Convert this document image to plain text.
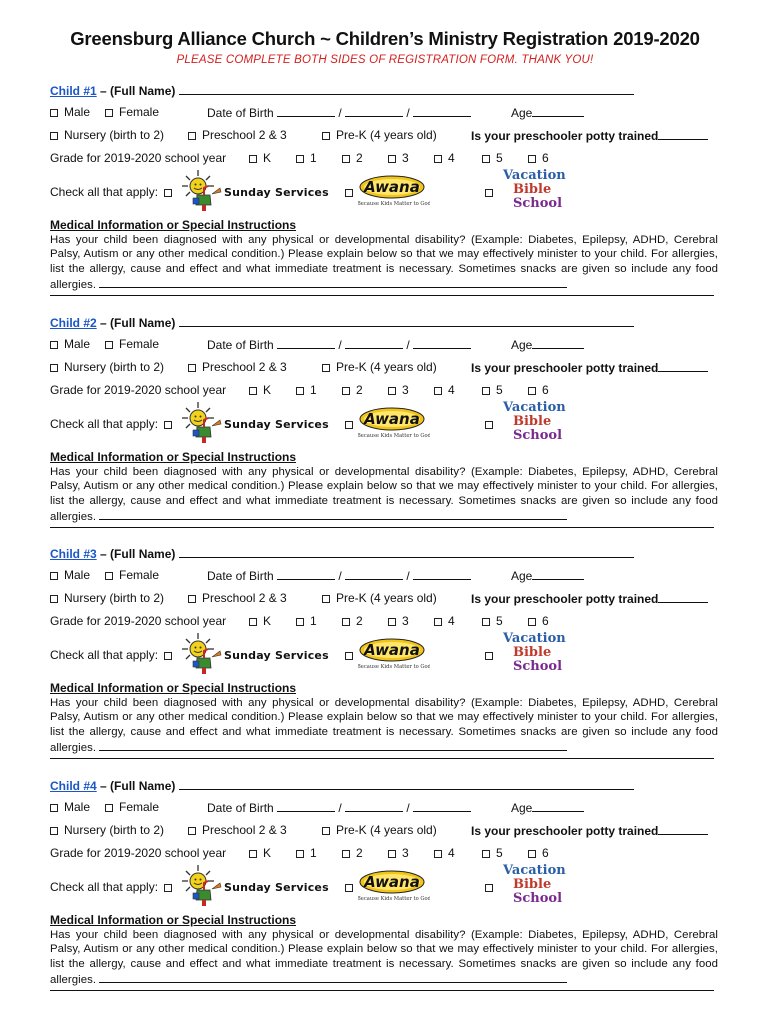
Greensburg Alliance Church ~ Children’s Ministry Registration 2019-2020
PLEASE COMPLETE BOTH SIDES OF REGISTRATION FORM. THANK YOU!
Child #1 – (Full Name)
Male	Female	Date of Birth	/	/	Age
Nursery (birth to 2)	Preschool 2 & 3	Pre-K (4 years old)	Is your preschooler potty trained
Grade for 2019-2020 school year	K	1	2	3	4	5	6
Check all that apply:	Sunday Services Awana
Because Kids Matter to God
Vacation
Bible
School
Medical Information or Special Instructions
Has your child been diagnosed with any physical or developmental disability? (Example: Diabetes, Epilepsy, ADHD, Cerebral Palsy, Autism or any other medical condition.) Please explain below so that we may effectively minister to your child. For allergies, list the allergy, cause and effect and what immediate treatment is necessary. Sometimes snacks are given so include any food allergies.
Child #2 – (Full Name)
Male	Female	Date of Birth	/	/	Age
Nursery (birth to 2)	Preschool 2 & 3	Pre-K (4 years old)	Is your preschooler potty trained
Grade for 2019-2020 school year	K	1	2	3	4	5	6
Check all that apply:	Sunday Services Awana
Because Kids Matter to God
Vacation
Bible
School
Medical Information or Special Instructions
Has your child been diagnosed with any physical or developmental disability? (Example: Diabetes, Epilepsy, ADHD, Cerebral Palsy, Autism or any other medical condition.) Please explain below so that we may effectively minister to your child. For allergies, list the allergy, cause and effect and what immediate treatment is necessary. Sometimes snacks are given so include any food allergies.
Child #3 – (Full Name)
Male	Female	Date of Birth	/	/	Age
Nursery (birth to 2)	Preschool 2 & 3	Pre-K (4 years old)	Is your preschooler potty trained
Grade for 2019-2020 school year	K	1	2	3	4	5	6
Check all that apply:	Sunday Services Awana
Because Kids Matter to God
Vacation
Bible
School
Medical Information or Special Instructions
Has your child been diagnosed with any physical or developmental disability? (Example: Diabetes, Epilepsy, ADHD, Cerebral Palsy, Autism or any other medical condition.) Please explain below so that we may effectively minister to your child. For allergies, list the allergy, cause and effect and what immediate treatment is necessary. Sometimes snacks are given so include any food allergies.
Child #4 – (Full Name)
Male	Female	Date of Birth	/	/	Age
Nursery (birth to 2)	Preschool 2 & 3	Pre-K (4 years old)	Is your preschooler potty trained
Grade for 2019-2020 school year	K	1	2	3	4	5	6
Check all that apply:	Sunday Services Awana
Because Kids Matter to God
Vacation
Bible
School
Medical Information or Special Instructions
Has your child been diagnosed with any physical or developmental disability? (Example: Diabetes, Epilepsy, ADHD, Cerebral Palsy, Autism or any other medical condition.) Please explain below so that we may effectively minister to your child. For allergies, list the allergy, cause and effect and what immediate treatment is necessary. Sometimes snacks are given so include any food allergies.
